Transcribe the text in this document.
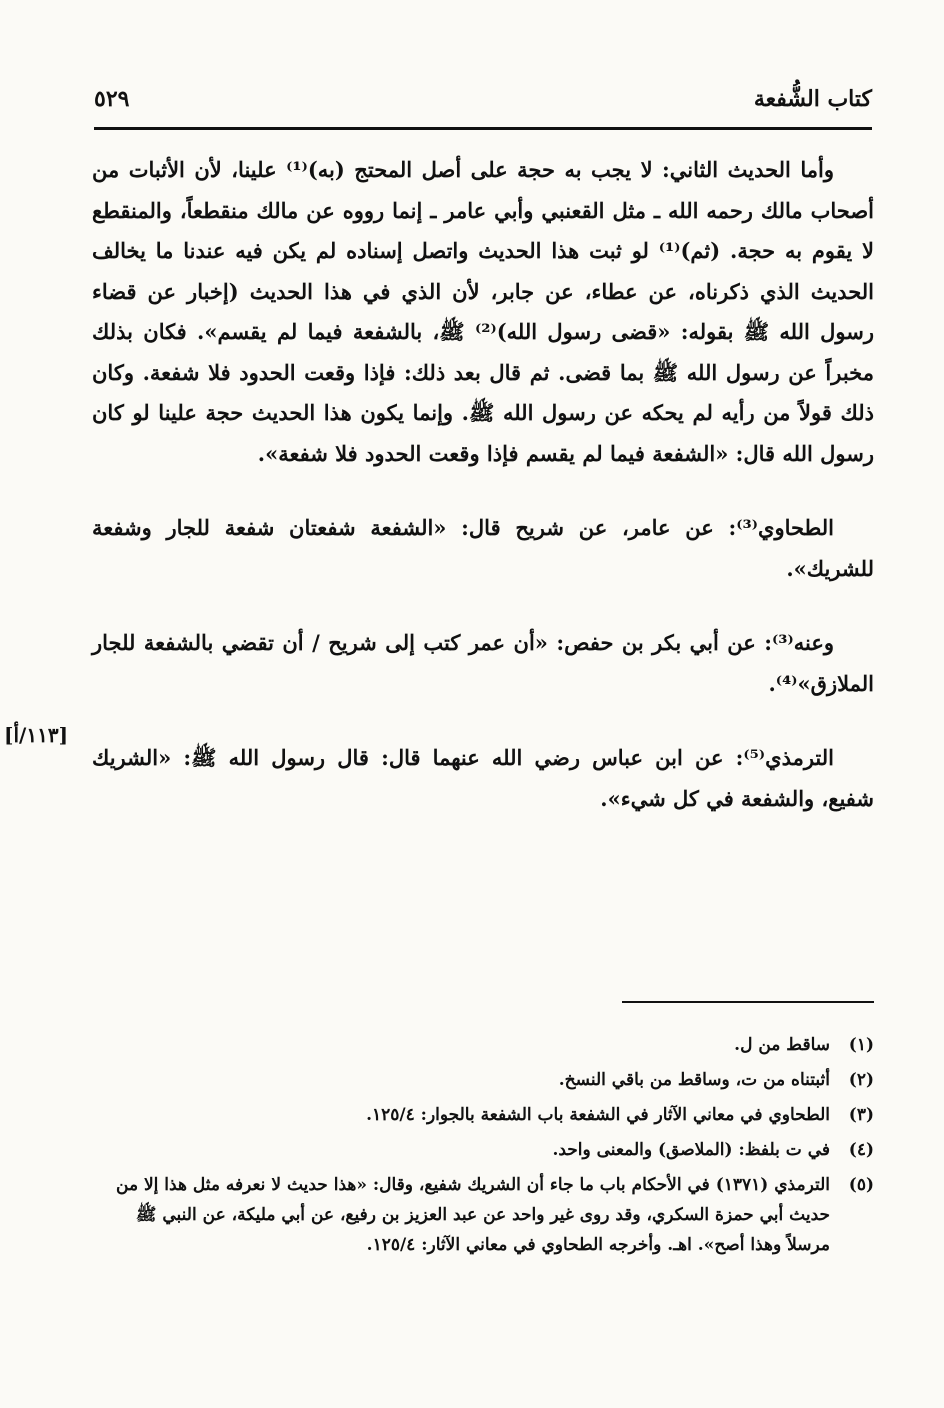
كتاب الشُّفعة
٥٢٩

وأما الحديث الثاني: لا يجب به حجة على أصل المحتج (به)⁽¹⁾ علينا، لأن الأثبات من أصحاب مالك رحمه الله ـ مثل القعنبي وأبي عامر ـ إنما رووه عن مالك منقطعاً، والمنقطع لا يقوم به حجة. (ثم)⁽¹⁾ لو ثبت هذا الحديث واتصل إسناده لم يكن فيه عندنا ما يخالف الحديث الذي ذكرناه، عن عطاء، عن جابر، لأن الذي في هذا الحديث (إخبار عن قضاء رسول الله ﷺ بقوله: «قضى رسول الله)⁽²⁾ ﷺ، بالشفعة فيما لم يقسم». فكان بذلك مخبراً عن رسول الله ﷺ بما قضى. ثم قال بعد ذلك: فإذا وقعت الحدود فلا شفعة. وكان ذلك قولاً من رأيه لم يحكه عن رسول الله ﷺ. وإنما يكون هذا الحديث حجة علينا لو كان رسول الله قال: «الشفعة فيما لم يقسم فإذا وقعت الحدود فلا شفعة».

الطحاوي⁽³⁾: عن عامر، عن شريح قال: «الشفعة شفعتان شفعة للجار وشفعة للشريك».

وعنه⁽³⁾: عن أبي بكر بن حفص: «أن عمر كتب إلى شريح / أن تقضي بالشفعة للجار الملازق»⁽⁴⁾.

الترمذي⁽⁵⁾: عن ابن عباس رضي الله عنهما قال: قال رسول الله ﷺ: «الشريك شفيع، والشفعة في كل شيء».

[١١٣/أ]

(١)
ساقط من ل.

(٢)
أثبتناه من ت، وساقط من باقي النسخ.

(٣)
الطحاوي في معاني الآثار في الشفعة باب الشفعة بالجوار: ١٢٥/٤.

(٤)
في ت بلفظ: (الملاصق) والمعنى واحد.

(٥)
الترمذي (١٣٧١) في الأحكام باب ما جاء أن الشريك شفيع، وقال: «هذا حديث لا نعرفه مثل هذا إلا من حديث أبي حمزة السكري، وقد روى غير واحد عن عبد العزيز بن رفيع، عن أبي مليكة، عن النبي ﷺ مرسلاً وهذا أصح». اهـ. وأخرجه الطحاوي في معاني الآثار: ١٢٥/٤.
